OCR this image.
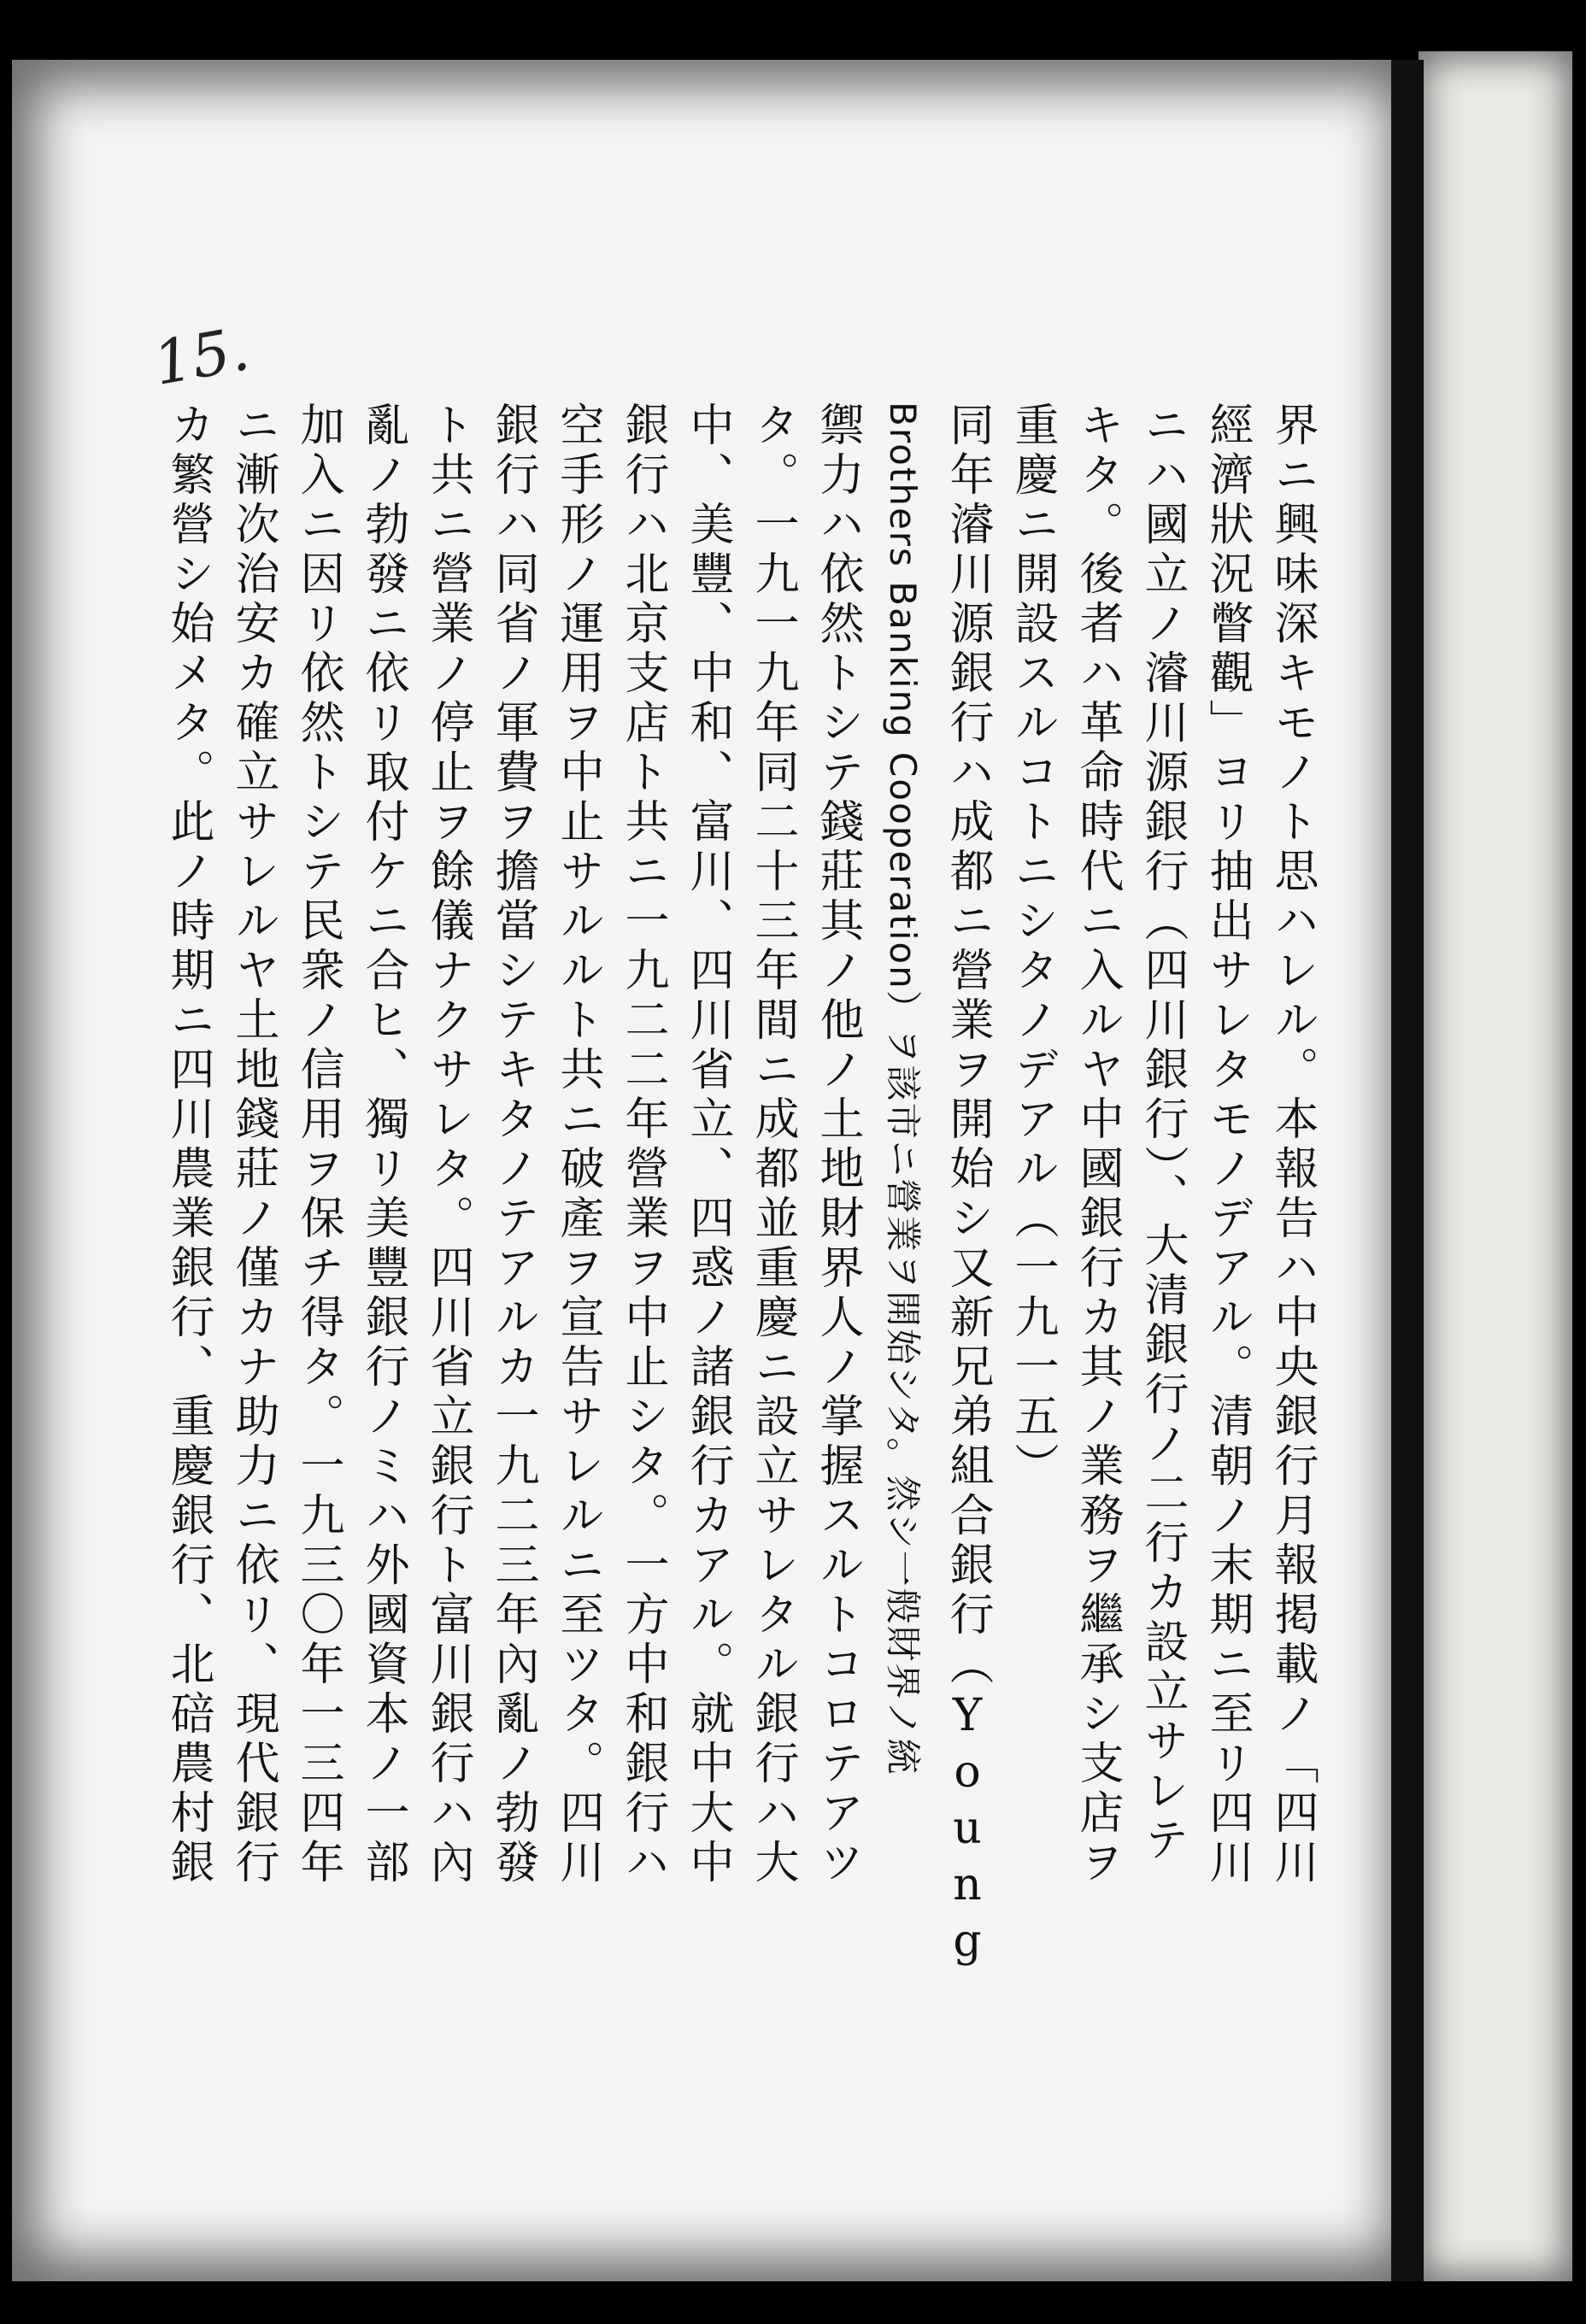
15.
界ニ興味深キモノト思ハレル。本報告ハ中央銀行月報掲載ノ「四川
經濟狀況瞥觀」ヨリ抽出サレタモノデアル。清朝ノ末期ニ至リ四川
ニハ國立ノ濬川源銀行（四川銀行）、大清銀行ノ二行カ設立サレテ
キタ。後者ハ革命時代ニ入ルヤ中國銀行カ其ノ業務ヲ繼承シ支店ヲ
重慶ニ開設スルコトニシタノデアル（一九一五）
同年濬川源銀行ハ成都ニ營業ヲ開始シ又新兄弟組合銀行（Young
Brothers Banking Cooperation）ヲ該市ニ營業ヲ開始シタ。然シ一般財界ノ統
禦力ハ依然トシテ錢莊其ノ他ノ土地財界人ノ掌握スルトコロテアツ
タ。一九一九年同二十三年間ニ成都並重慶ニ設立サレタル銀行ハ大
中、美豐、中和、富川、四川省立、四惑ノ諸銀行カアル。就中大中
銀行ハ北京支店ト共ニ一九二二年營業ヲ中止シタ。一方中和銀行ハ
空手形ノ運用ヲ中止サルルト共ニ破產ヲ宣告サレルニ至ツタ。四川
銀行ハ同省ノ軍費ヲ擔當シテキタノテアルカ一九二三年內亂ノ勃發
ト共ニ營業ノ停止ヲ餘儀ナクサレタ。四川省立銀行ト富川銀行ハ內
亂ノ勃發ニ依リ取付ケニ合ヒ、獨リ美豐銀行ノミハ外國資本ノ一部
加入ニ因リ依然トシテ民衆ノ信用ヲ保チ得タ。一九三〇年一三四年
ニ漸次治安カ確立サレルヤ土地錢莊ノ僅カナ助力ニ依リ、現代銀行
カ繁營シ始メタ。此ノ時期ニ四川農業銀行、重慶銀行、北碚農村銀
